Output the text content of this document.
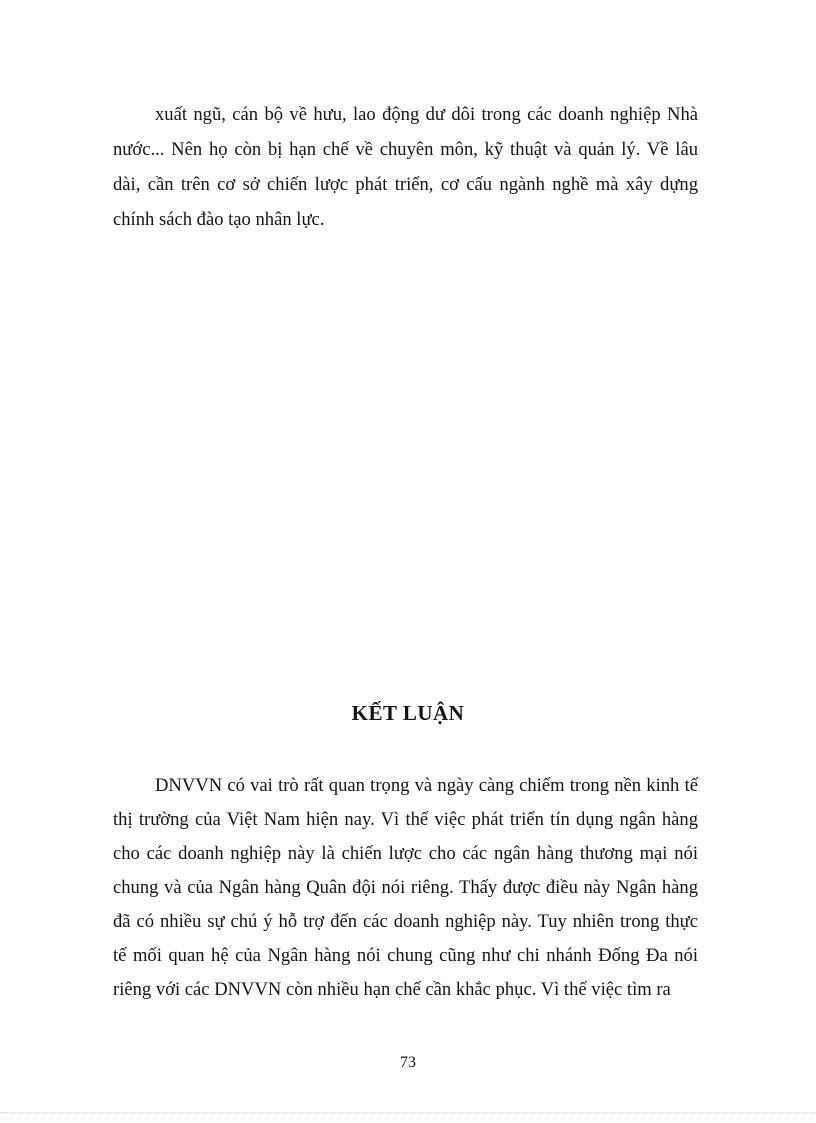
xuất ngũ, cán bộ về hưu, lao động dư dôi trong các doanh nghiệp Nhà
nước... Nên họ còn bị hạn chế về chuyên môn, kỹ thuật và quản lý. Về lâu
dài, cần trên cơ sở chiến lược phát triển, cơ cấu ngành nghề mà xây dựng
chính sách đào tạo nhân lực.
KẾT LUẬN
DNVVN có vai trò rất quan trọng và ngày càng chiếm trong nền kinh tế
thị trường của Việt Nam hiện nay. Vì thế việc phát triển tín dụng ngân hàng
cho các doanh nghiệp này là chiến lược cho các ngân hàng thương mại nói
chung và của Ngân hàng Quân đội nói riêng. Thấy được điều này Ngân hàng
đã có nhiều sự chú ý hỗ trợ đến các doanh nghiệp này. Tuy nhiên trong thực
tế mối quan hệ của Ngân hàng nói chung cũng như chi nhánh Đống Đa nói
riêng với các DNVVN còn nhiều hạn chế cần khắc phục. Vì thế việc tìm ra
73
